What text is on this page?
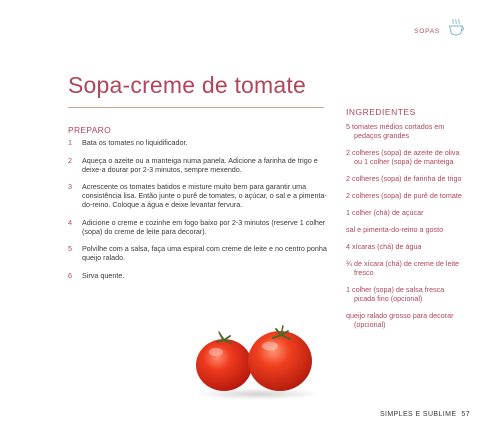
SOPAS
Sopa-creme de tomate
PREPARO
1 Bata os tomates no liquidificador.
2 Aqueça o azeite ou a manteiga numa panela. Adicione a farinha de trigo e deixe-a dourar por 2-3 minutos, sempre mexendo.
3 Acrescente os tomates batidos e misture muito bem para garantir uma consistência lisa. Então junte o purê de tomates, o açúcar, o sal e a pimenta-do-reino. Coloque a água e deixe levantar fervura.
4 Adicione o creme e cozinhe em fogo baixo por 2-3 minutos (reserve 1 colher (sopa) do creme de leite para decorar).
5 Polvilhe com a salsa, faça uma espiral com creme de leite e no centro ponha queijo ralado.
6 Sirva quente.
INGREDIENTES
5 tomates médios cortados em pedaços grandes
2 colheres (sopa) de azeite de oliva ou 1 colher (sopa) de manteiga
2 colheres (sopa) de farinha de trigo
2 colheres (sopa) de purê de tomate
1 colher (chá) de açúcar
sal e pimenta-do-reino a gosto
4 xícaras (chá) de água
¾ de xícara (chá) de creme de leite fresco
1 colher (sopa) de salsa fresca picada fino (opcional)
queijo ralado grosso para decorar (opcional)
SIMPLES E SUBLIME 57
